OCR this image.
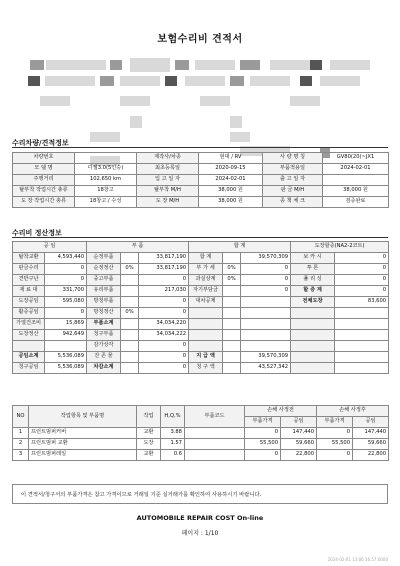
보험수리비 견적서
수리차량/견적정보
차량번호		제작사/차종	현대 / RV	사 량 명 칭	GV80(20)~JX1
모 델 명	디젤3.0(5인승)	최초등록일	2020-09-15	부품적용일	2024-02-01
주행거리	102,650 km	입 고 일 자	2024-02-01	출 고 일 자	
탈부착 작업시간 총류	18창고	탈부착 M/H	38,000 원	판 금 M/H	38,000 원
도 장 작업시간 총류	18창고 / 수성	도 장 M/H	38,000 원	종 책 체 크	검증완료
수리비 정산정보
공 임		부 품			합 계			도장할증(NA2-2코트)	
탈착교환	4,593,440	순정부품		33,817,190	합 계		39,570,309	보 카 시	0
판금수리	0	순정정산	0%	33,817,190	부 가 세	0%	0	투 톤	0
견반구난	0	중고부품		0	과실상계	0%	0	풀 리 싱	0
재 료 대	331,700	유리부품		217,030	자기부담금		0	할 증 계	0
도장공임	595,080	방청부품		0	대차공제			전체도장	83,600
활증공임	0	방청정산	0%	0					
가열건조비	15,869	부품소계		34,034,220					
도장정산	942,649	청구부품		34,034,222					
		감가상각		0					
공임소계	5,536,089	잔 존 물		0	지 급 액		39,570,309		
청구공임	5,536,089	차감소계		0	청 구 액		43,527,342		
NO	작업항목 및 부품명	작업	H,Q,%	부품코드	손해 사정전		손해 사정후	
					부품가격	공임	부품가격	공임
1	프런트범퍼커버	교환	3.88		0	147,440	0	147,440
2	프런트범퍼 교환	도장	1.57		55,500	59,660	55,500	59,660
3	프런트범퍼레일	교환	0.6		0	22,800	0	22,800
이 견적서/청구서의 부품가격은 참고 가격이므로 거래일 기준 실거래가를 확인하여 사용하시기 바랍니다.
AUTOMOBILE REPAIR COST On-line
페이지 : 1/10
2024-02-01 13:06 16:57:0000
